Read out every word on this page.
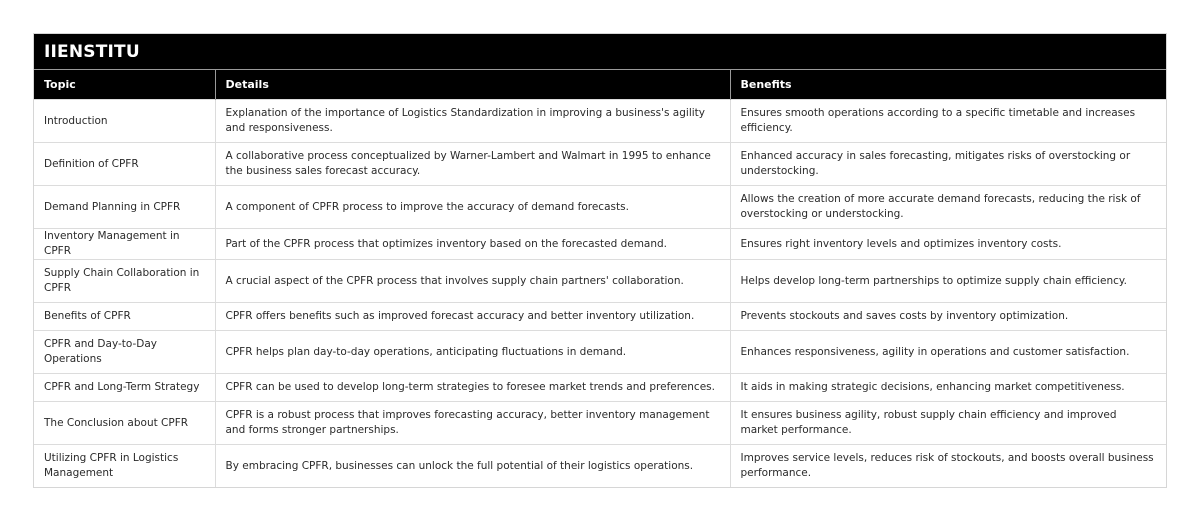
IIENSTITU
Topic	Details	Benefits
Introduction	Explanation of the importance of Logistics Standardization in improving a business's agility and responsiveness.	Ensures smooth operations according to a specific timetable and increases efficiency.
Definition of CPFR	A collaborative process conceptualized by Warner-Lambert and Walmart in 1995 to enhance the business sales forecast accuracy.	Enhanced accuracy in sales forecasting, mitigates risks of overstocking or understocking.
Demand Planning in CPFR	A component of CPFR process to improve the accuracy of demand forecasts.	Allows the creation of more accurate demand forecasts, reducing the risk of overstocking or understocking.
Inventory Management in CPFR	Part of the CPFR process that optimizes inventory based on the forecasted demand.	Ensures right inventory levels and optimizes inventory costs.
Supply Chain Collaboration in CPFR	A crucial aspect of the CPFR process that involves supply chain partners' collaboration.	Helps develop long-term partnerships to optimize supply chain efficiency.
Benefits of CPFR	CPFR offers benefits such as improved forecast accuracy and better inventory utilization.	Prevents stockouts and saves costs by inventory optimization.
CPFR and Day-to-Day Operations	CPFR helps plan day-to-day operations, anticipating fluctuations in demand.	Enhances responsiveness, agility in operations and customer satisfaction.
CPFR and Long-Term Strategy	CPFR can be used to develop long-term strategies to foresee market trends and preferences.	It aids in making strategic decisions, enhancing market competitiveness.
The Conclusion about CPFR	CPFR is a robust process that improves forecasting accuracy, better inventory management and forms stronger partnerships.	It ensures business agility, robust supply chain efficiency and improved market performance.
Utilizing CPFR in Logistics Management	By embracing CPFR, businesses can unlock the full potential of their logistics operations.	Improves service levels, reduces risk of stockouts, and boosts overall business performance.
